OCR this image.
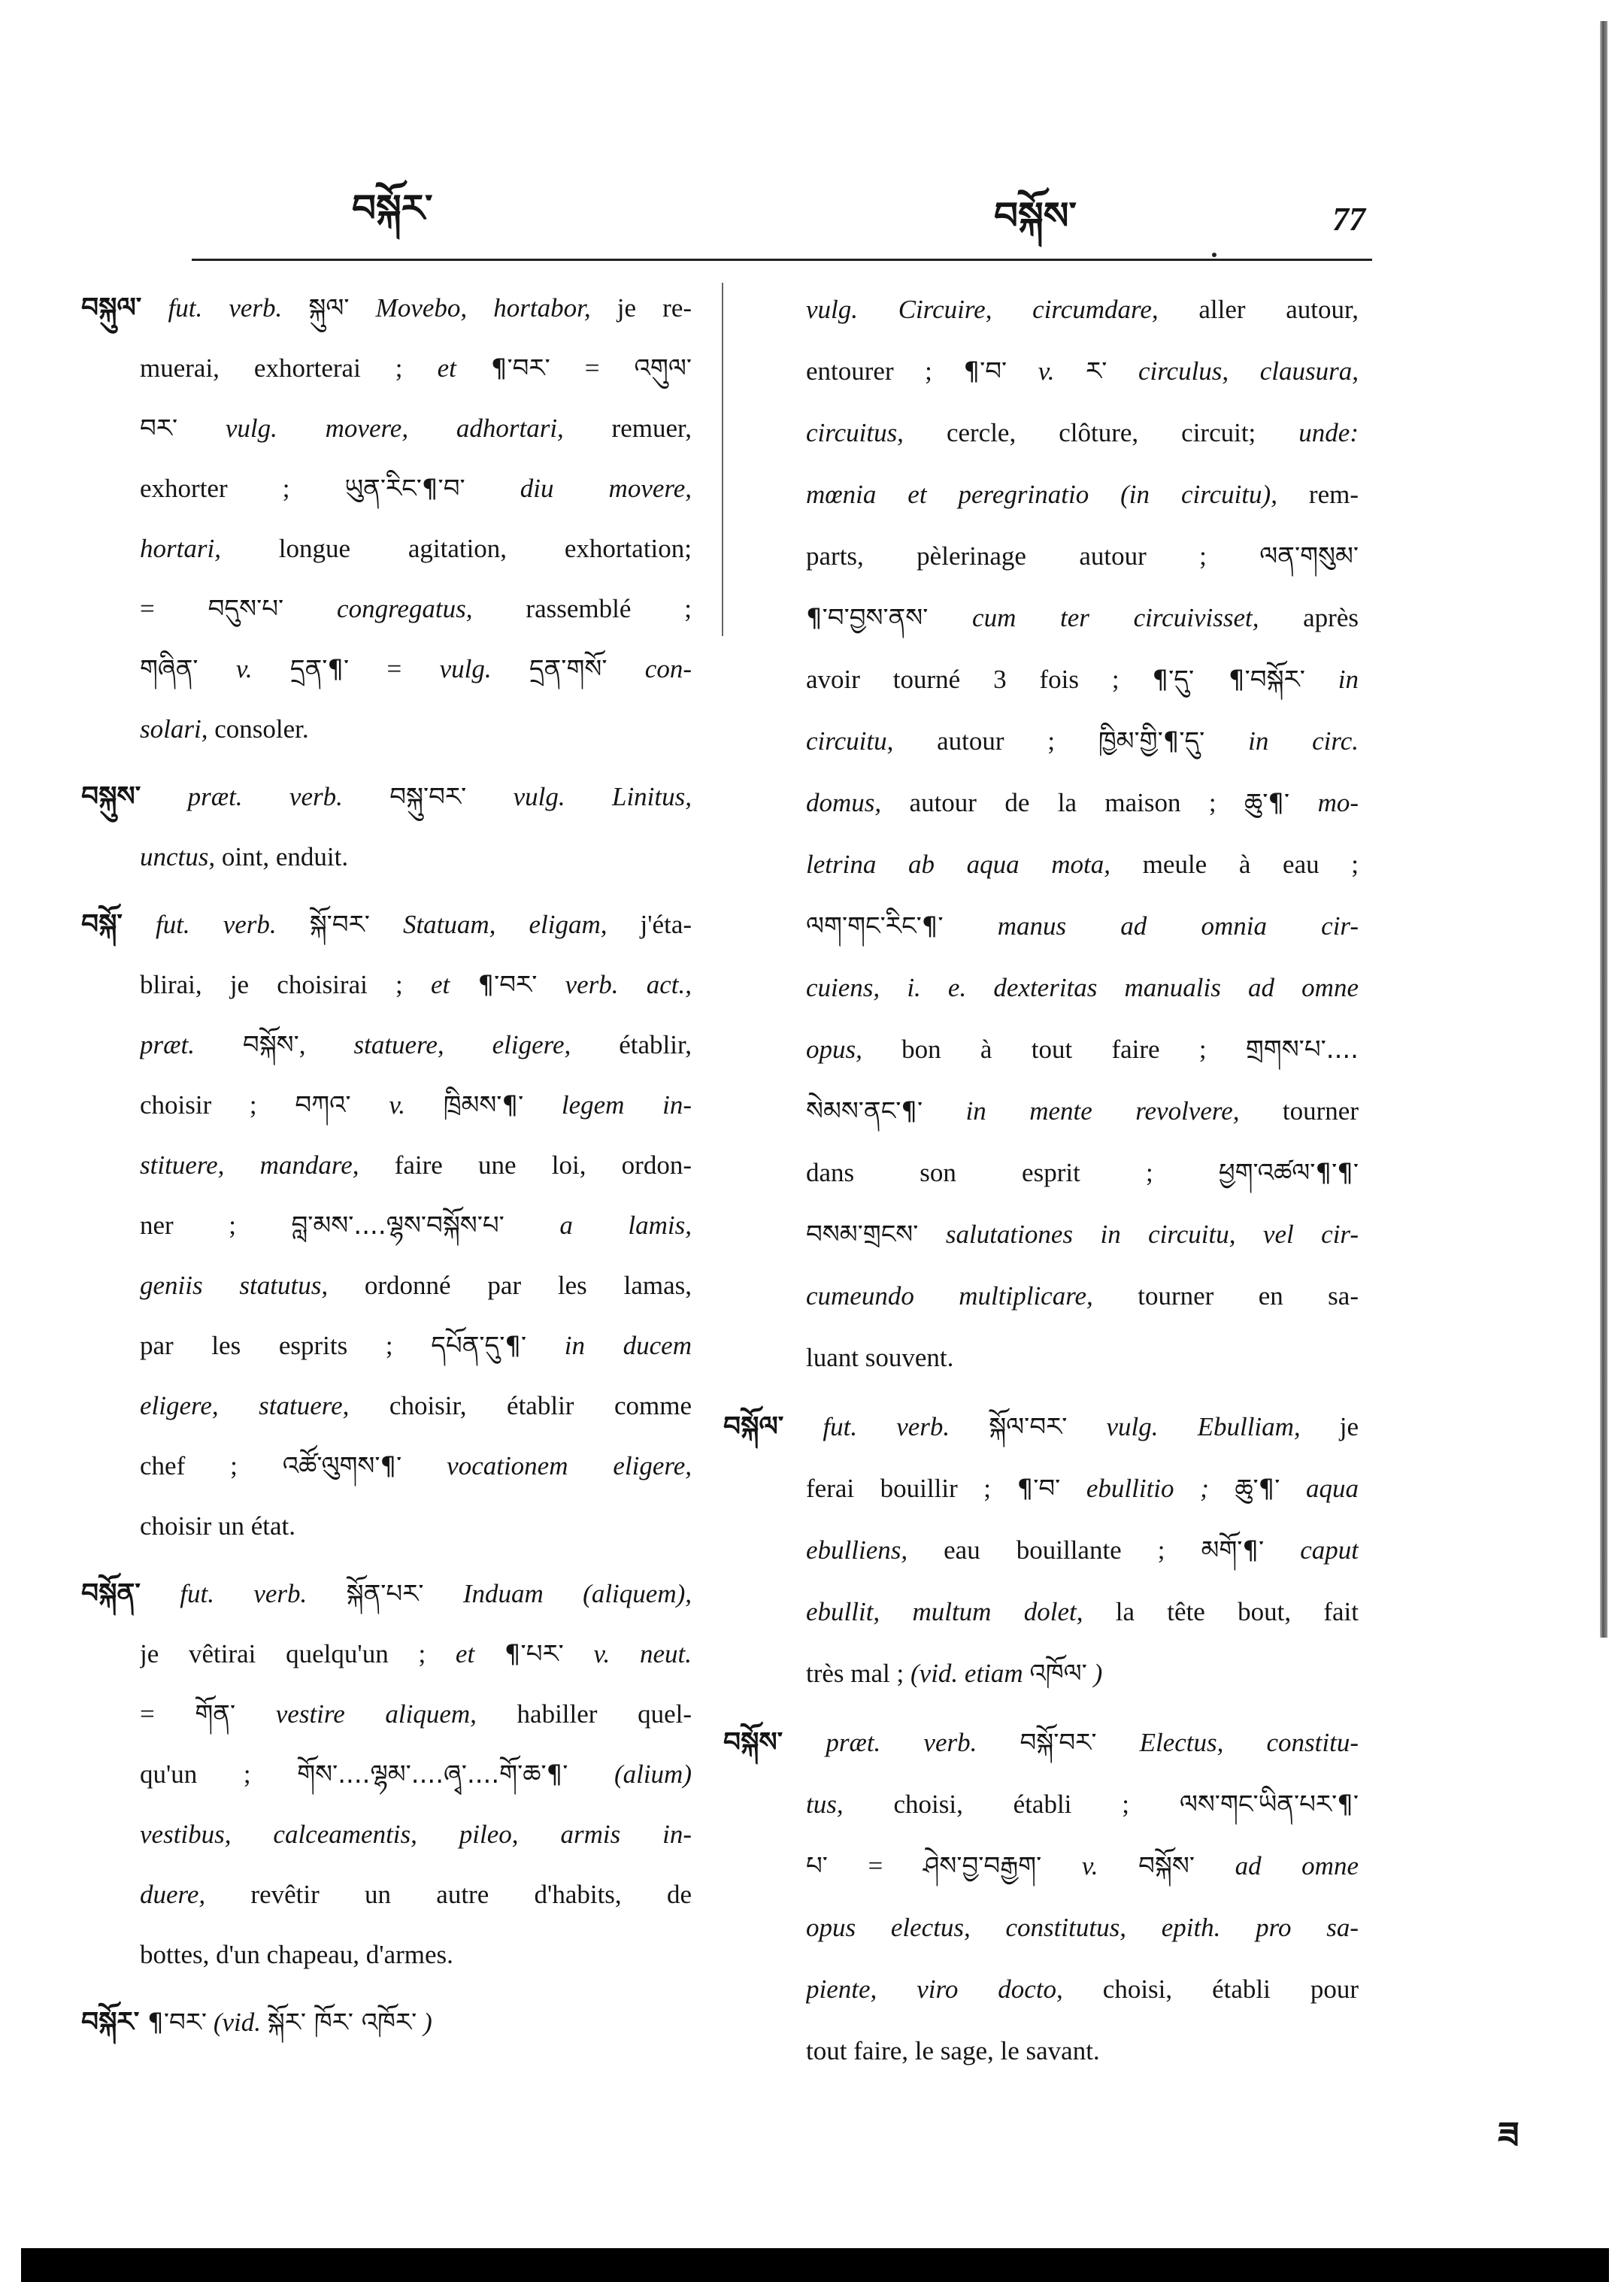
བསྐོར་	བསྐོས་	77
བསྐུལ་ fut. verb. སྐུལ་ Movebo, hortabor, je re-
muerai, exhorterai ; et ¶་བར་ = འགུལ་
བར་ vulg. movere, adhortari, remuer,
exhorter ; ཡུན་རིང་¶་བ་ diu movere,
hortari, longue agitation, exhortation;
= བདུས་པ་ congregatus, rassemblé ;
གཞིན་ v. དྲན་¶་ = vulg. དྲན་གསོ་ con-
solari, consoler.
བསྐུས་ præt. verb. བསྐུ་བར་ vulg. Linitus,
unctus, oint, enduit.
བསྐོ་ fut. verb. སྐོ་བར་ Statuam, eligam, j'éta-
blirai, je choisirai ; et ¶་བར་ verb. act.,
præt. བསྐོས་, statuere, eligere, établir,
choisir ; བཀའ་ v. ཁྲིམས་¶་ legem in-
stituere, mandare, faire une loi, ordon-
ner ; བླ་མས་....ལྷས་བསྐོས་པ་ a lamis,
geniis statutus, ordonné par les lamas,
par les esprits ; དཔོན་དུ་¶་ in ducem
eligere, statuere, choisir, établir comme
chef ; འཚོ་ལུགས་¶་ vocationem eligere,
choisir un état.
བསྐོན་ fut. verb. སྐོན་པར་ Induam (aliquem),
je vêtirai quelqu'un ; et ¶་པར་ v. neut.
= གོན་ vestire aliquem, habiller quel-
qu'un ; གོས་....ལྷམ་....ཞྭ་....གོ་ཆ་¶་ (alium)
vestibus, calceamentis, pileo, armis in-
duere, revêtir un autre d'habits, de
bottes, d'un chapeau, d'armes.
བསྐོར་ ¶་བར་ (vid. སྐོར་ ཁོར་ འཁོར་ )
vulg. Circuire, circumdare, aller autour,
entourer ; ¶་བ་ v. ར་ circulus, clausura,
circuitus, cercle, clôture, circuit; unde:
mœnia et peregrinatio (in circuitu), rem-
parts, pèlerinage autour ; ལན་གསུམ་
¶་བ་བྱས་ནས་ cum ter circuivisset, après
avoir tourné 3 fois ; ¶་དུ་ ¶་བསྐོར་ in
circuitu, autour ; ཁྱིམ་གྱི་¶་དུ་ in circ.
domus, autour de la maison ; ཆུ་¶་ mo-
letrina ab aqua mota, meule à eau ;
ལག་གང་རིང་¶་ manus ad omnia cir-
cuiens, i. e. dexteritas manualis ad omne
opus, bon à tout faire ; གྲགས་པ་....
སེམས་ནང་¶་ in mente revolvere, tourner
dans son esprit ; ཕྱག་འཚལ་¶་¶་
བསམ་གྲངས་ salutationes in circuitu, vel cir-
cumeundo multiplicare, tourner en sa-
luant souvent.
བསྐོལ་ fut. verb. སྐོལ་བར་ vulg. Ebulliam, je
ferai bouillir ; ¶་བ་ ebullitio ; ཆུ་¶་ aqua
ebulliens, eau bouillante ; མགོ་¶་ caput
ebullit, multum dolet, la tête bout, fait
très mal ; (vid. etiam འཁོལ་ )
བསྐོས་ præt. verb. བསྐོ་བར་ Electus, constitu-
tus, choisi, établi ; ལས་གང་ཡིན་པར་¶་
པ་ = ཤེས་བྱ་བརྒྱག་ v. བསྐོས་ ad omne
opus electus, constitutus, epith. pro sa-
piente, viro docto, choisi, établi pour
tout faire, le sage, le savant.
ཟ
